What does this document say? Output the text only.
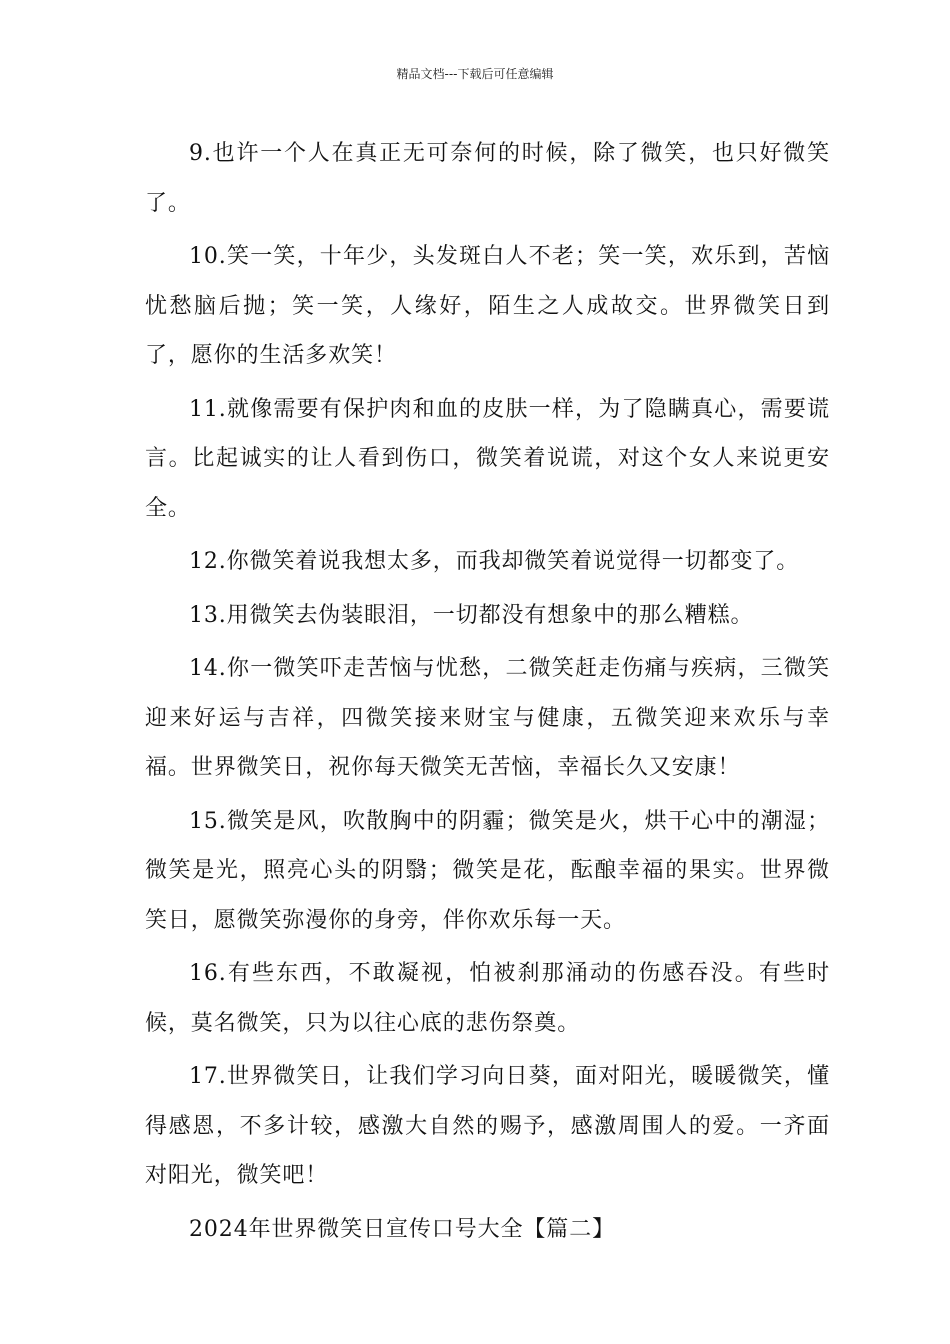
精品文档---下载后可任意编辑

9.也许一个人在真正无可奈何的时候，除了微笑，也只好微笑了。

10.笑一笑，十年少，头发斑白人不老；笑一笑，欢乐到，苦恼忧愁脑后抛；笑一笑，人缘好，陌生之人成故交。世界微笑日到了，愿你的生活多欢笑！

11.就像需要有保护肉和血的皮肤一样，为了隐瞒真心，需要谎言。比起诚实的让人看到伤口，微笑着说谎，对这个女人来说更安全。

12.你微笑着说我想太多，而我却微笑着说觉得一切都变了。

13.用微笑去伪装眼泪，一切都没有想象中的那么糟糕。

14.你一微笑吓走苦恼与忧愁，二微笑赶走伤痛与疾病，三微笑迎来好运与吉祥，四微笑接来财宝与健康，五微笑迎来欢乐与幸福。世界微笑日，祝你每天微笑无苦恼，幸福长久又安康！

15.微笑是风，吹散胸中的阴霾；微笑是火，烘干心中的潮湿；微笑是光，照亮心头的阴翳；微笑是花，酝酿幸福的果实。世界微笑日，愿微笑弥漫你的身旁，伴你欢乐每一天。

16.有些东西，不敢凝视，怕被刹那涌动的伤感吞没。有些时候，莫名微笑，只为以往心底的悲伤祭奠。

17.世界微笑日，让我们学习向日葵，面对阳光，暖暖微笑，懂得感恩，不多计较，感激大自然的赐予，感激周围人的爱。一齐面对阳光，微笑吧！

2024年世界微笑日宣传口号大全【篇二】
